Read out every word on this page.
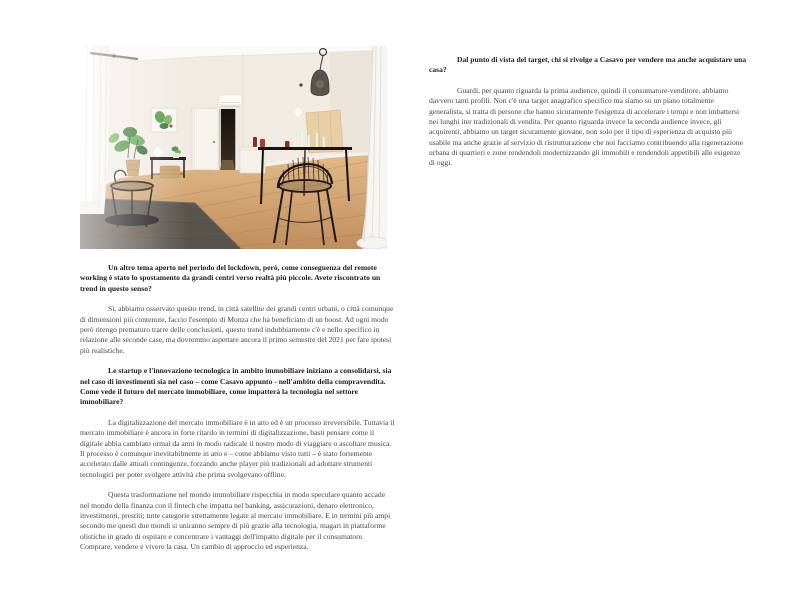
Un altro tema aperto nel periodo del lockdown, però, come conseguenza del remote working è stato lo spostamento da grandi centri verso realtà più piccole. Avete riscontrato un trend in questo senso?

Sì, abbiamo osservato questo trend, in città satellite dei grandi centri urbani, o città comunque di dimensioni più contenute, faccio l'esempio di Monza che ha beneficiato di un boost. Ad ogni modo però ritengo prematuro trarre delle conclusioni, questo trend indubbiamente c'è e nello specifico in relazione alle seconde case, ma dovremmo aspettare ancora il primo semestre del 2021 per fare ipotesi più realistiche.

Le startup e l'innovazione tecnologica in ambito immobiliare iniziano a consolidarsi, sia nel caso di investimenti sia nel caso – come Casavo appunto - nell'ambito della compravendita. Come vede il futuro del mercato immobiliare, come impatterà la tecnologia nel settore immobiliare?

La digitalizzazione del mercato immobiliare è in atto ed è un processo irreversibile. Tuttavia il mercato immobiliare è ancora in forte ritardo in termini di digitalizzazione, basti pensare come il digitale abbia cambiato ormai da anni in modo radicale il nostro modo di viaggiare o ascoltare musica. Il processo è comunque inevitabilmente in atto e – come abbiamo visto tutti – è stato fortemente accelerato dalle attuali contingenze, forzando anche player più tradizionali ad adottare strumenti tecnologici per poter svolgere attività che prima svolgevano offline.

Questa trasformazione nel mondo immobiliare rispecchia in modo speculare quanto accade nel mondo della finanza con il fintech che impatta nel banking, assicurazioni, denaro elettronico, investimenti, prestiti; tutte categorie strettamente legate al mercato immobiliare. E in termini più ampi secondo me questi due mondi si uniranno sempre di più grazie alla tecnologia, magari in piattaforme olistiche in grado di ospitare e concentrare i vantaggi dell'impatto digitale per il consumatore. Comprare, vendere e vivere la casa. Un cambio di approccio ed esperienza.

Dal punto di vista del target, chi si rivolge a Casavo per vendere ma anche acquistare una casa?

Guardi, per quanto riguarda la prima audience, quindi il consumatore-venditore, abbiamo davvero tanti profili. Non c'è una target anagrafico specifico ma siamo su un piano totalmente generalista, si tratta di persone che hanno sicuramente l'esigenza di accelerare i tempi e non imbattersi nei lunghi iter tradizionali di vendita. Per quanto riguarda invece la seconda audience invece, gli acquirenti, abbiamo un target sicuramente giovane, non solo per il tipo di esperienza di acquisto più usabile ma anche grazie al servizio di ristrutturazione che noi facciamo contribuendo alla rigenerazione urbana di quartieri e zone rendendoli modernizzando gli immobili e rendendoli appetibili alle esigenze di oggi.
